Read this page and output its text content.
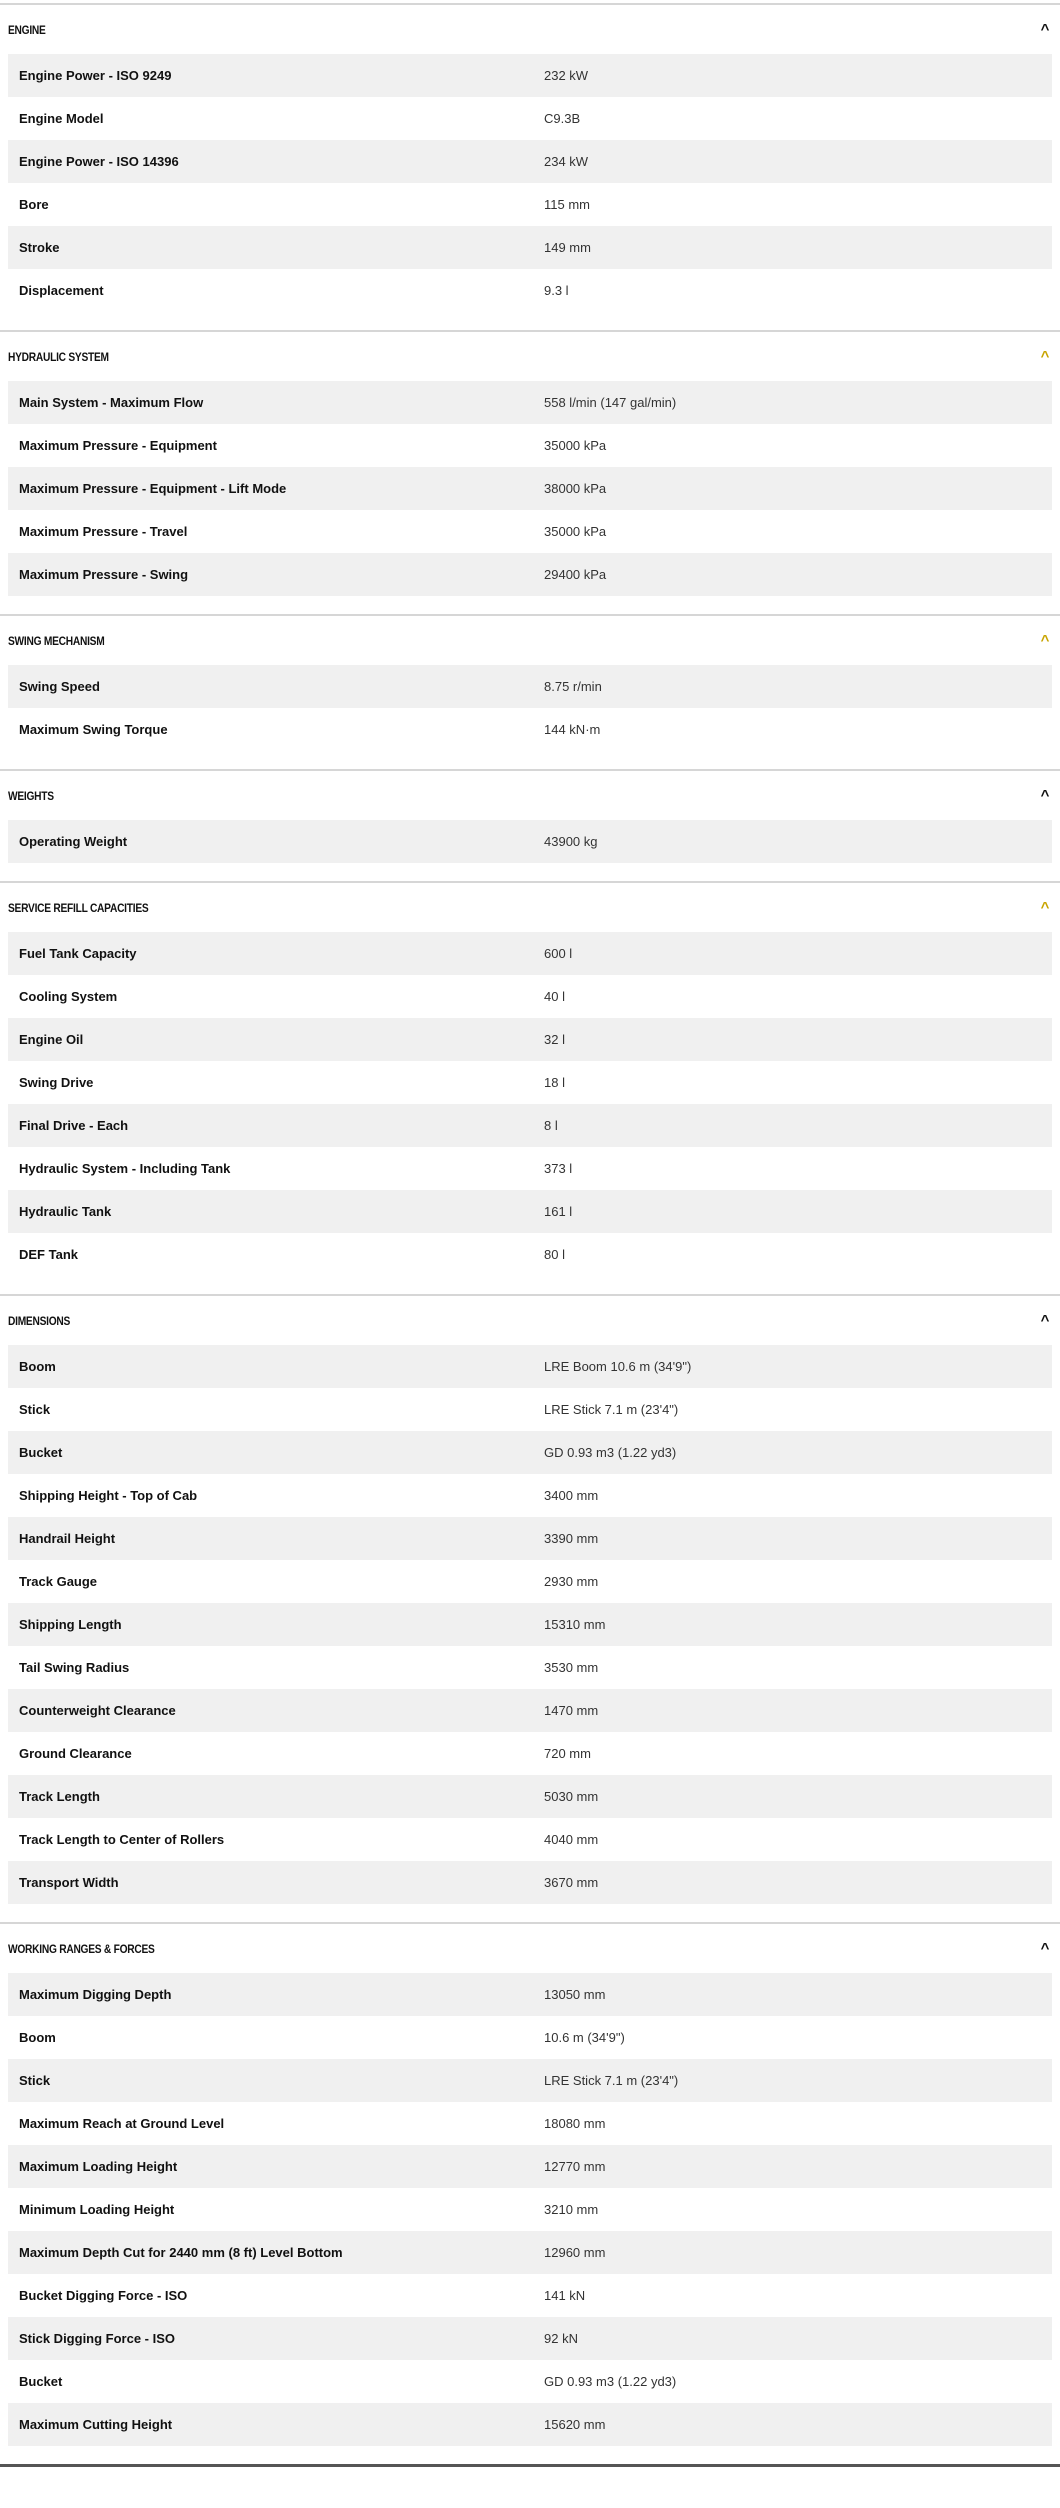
ENGINE	^
Engine Power - ISO 9249	232 kW
Engine Model	C9.3B
Engine Power - ISO 14396	234 kW
Bore	115 mm
Stroke	149 mm
Displacement	9.3 l
HYDRAULIC SYSTEM	^
Main System - Maximum Flow	558 l/min (147 gal/min)
Maximum Pressure - Equipment	35000 kPa
Maximum Pressure - Equipment - Lift Mode	38000 kPa
Maximum Pressure - Travel	35000 kPa
Maximum Pressure - Swing	29400 kPa
SWING MECHANISM	^
Swing Speed	8.75 r/min
Maximum Swing Torque	144 kN·m
WEIGHTS	^
Operating Weight	43900 kg
SERVICE REFILL CAPACITIES	^
Fuel Tank Capacity	600 l
Cooling System	40 l
Engine Oil	32 l
Swing Drive	18 l
Final Drive - Each	8 l
Hydraulic System - Including Tank	373 l
Hydraulic Tank	161 l
DEF Tank	80 l
DIMENSIONS	^
Boom	LRE Boom 10.6 m (34'9")
Stick	LRE Stick 7.1 m (23'4")
Bucket	GD 0.93 m3 (1.22 yd3)
Shipping Height - Top of Cab	3400 mm
Handrail Height	3390 mm
Track Gauge	2930 mm
Shipping Length	15310 mm
Tail Swing Radius	3530 mm
Counterweight Clearance	1470 mm
Ground Clearance	720 mm
Track Length	5030 mm
Track Length to Center of Rollers	4040 mm
Transport Width	3670 mm
WORKING RANGES & FORCES	^
Maximum Digging Depth	13050 mm
Boom	10.6 m (34'9")
Stick	LRE Stick 7.1 m (23'4")
Maximum Reach at Ground Level	18080 mm
Maximum Loading Height	12770 mm
Minimum Loading Height	3210 mm
Maximum Depth Cut for 2440 mm (8 ft) Level Bottom	12960 mm
Bucket Digging Force - ISO	141 kN
Stick Digging Force - ISO	92 kN
Bucket	GD 0.93 m3 (1.22 yd3)
Maximum Cutting Height	15620 mm
